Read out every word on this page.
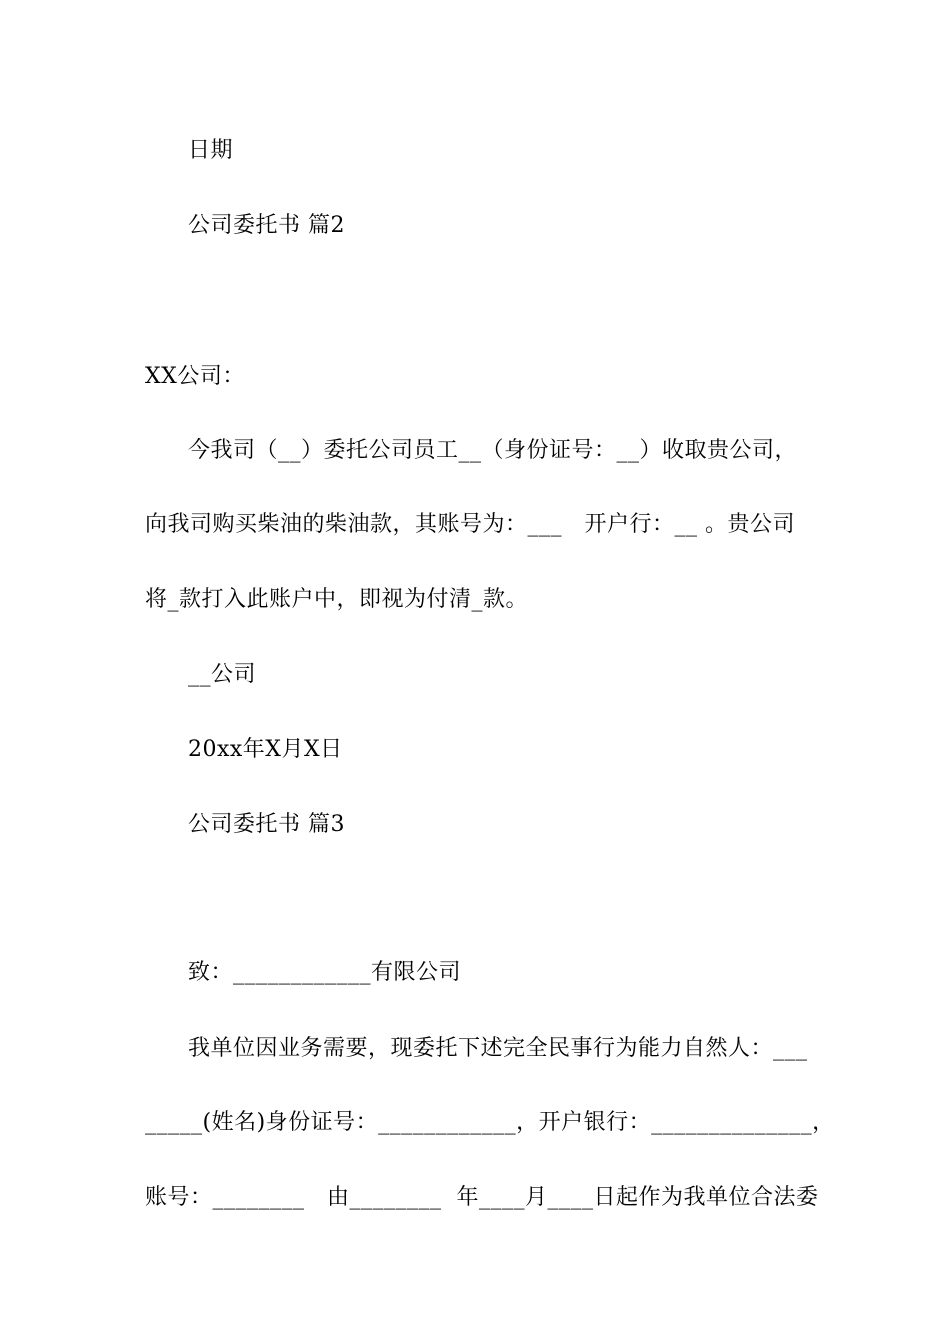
日期
公司委托书 篇2
XX公司：
今我司（__）委托公司员工__（身份证号：__）收取贵公司，
向我司购买柴油的柴油款，其账号为：___   开户行：__ 。贵公司
将_款打入此账户中，即视为付清_款。
__公司
20xx年X月X日
公司委托书 篇3
致：____________有限公司
我单位因业务需要，现委托下述完全民事行为能力自然人：___
_____(姓名)身份证号：____________，开户银行：______________，
账号：________   由________  年____月____日起作为我单位合法委
